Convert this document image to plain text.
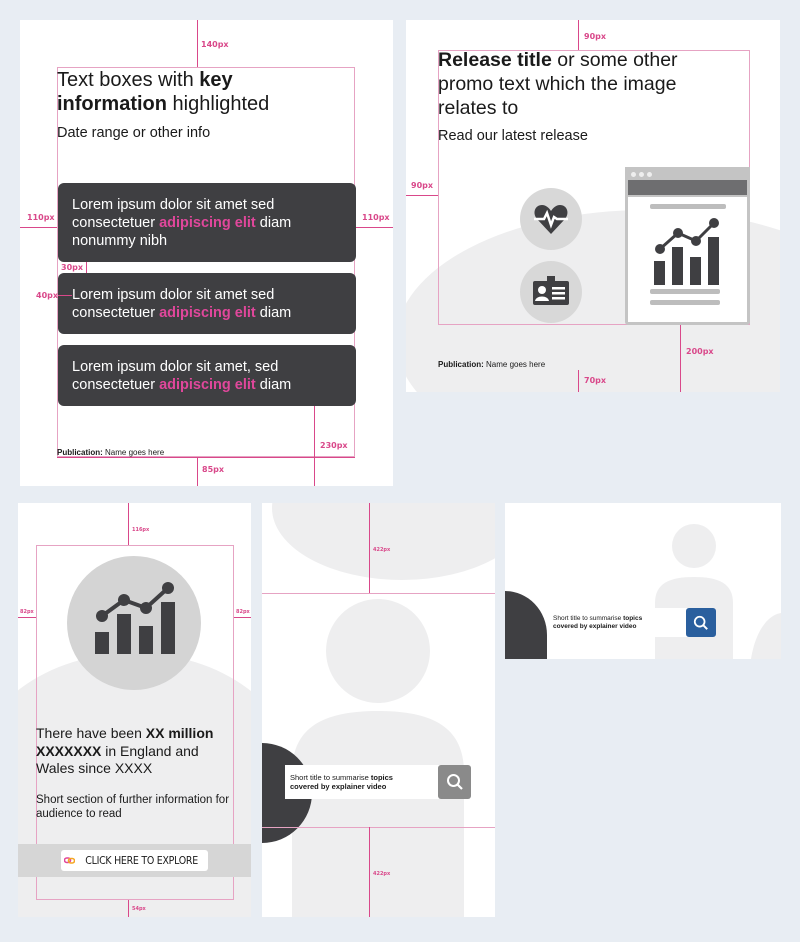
Text boxes with key information highlighted
Date range or other info
Lorem ipsum dolor sit amet sed consectetuer adipiscing elit diam nonummy nibh
Lorem ipsum dolor sit amet sed consectetuer adipiscing elit diam
Lorem ipsum dolor sit amet, sed consectetuer adipiscing elit diam
Publication: Name goes here
140px
110px	110px
30px
40px
230px
85px
Release title or some other promo text which the image relates to
Read our latest release
Publication: Name goes here
90px
90px
200px
70px
There have been XX million
XXXXXXX in England and Wales since XXXX
Short section of further information for audience to read
CLICK HERE TO EXPLORE
116px
82px	82px
54px
Short title to summarise topics
covered by explainer video
422px
422px
Short title to summarise topics
covered by explainer video
